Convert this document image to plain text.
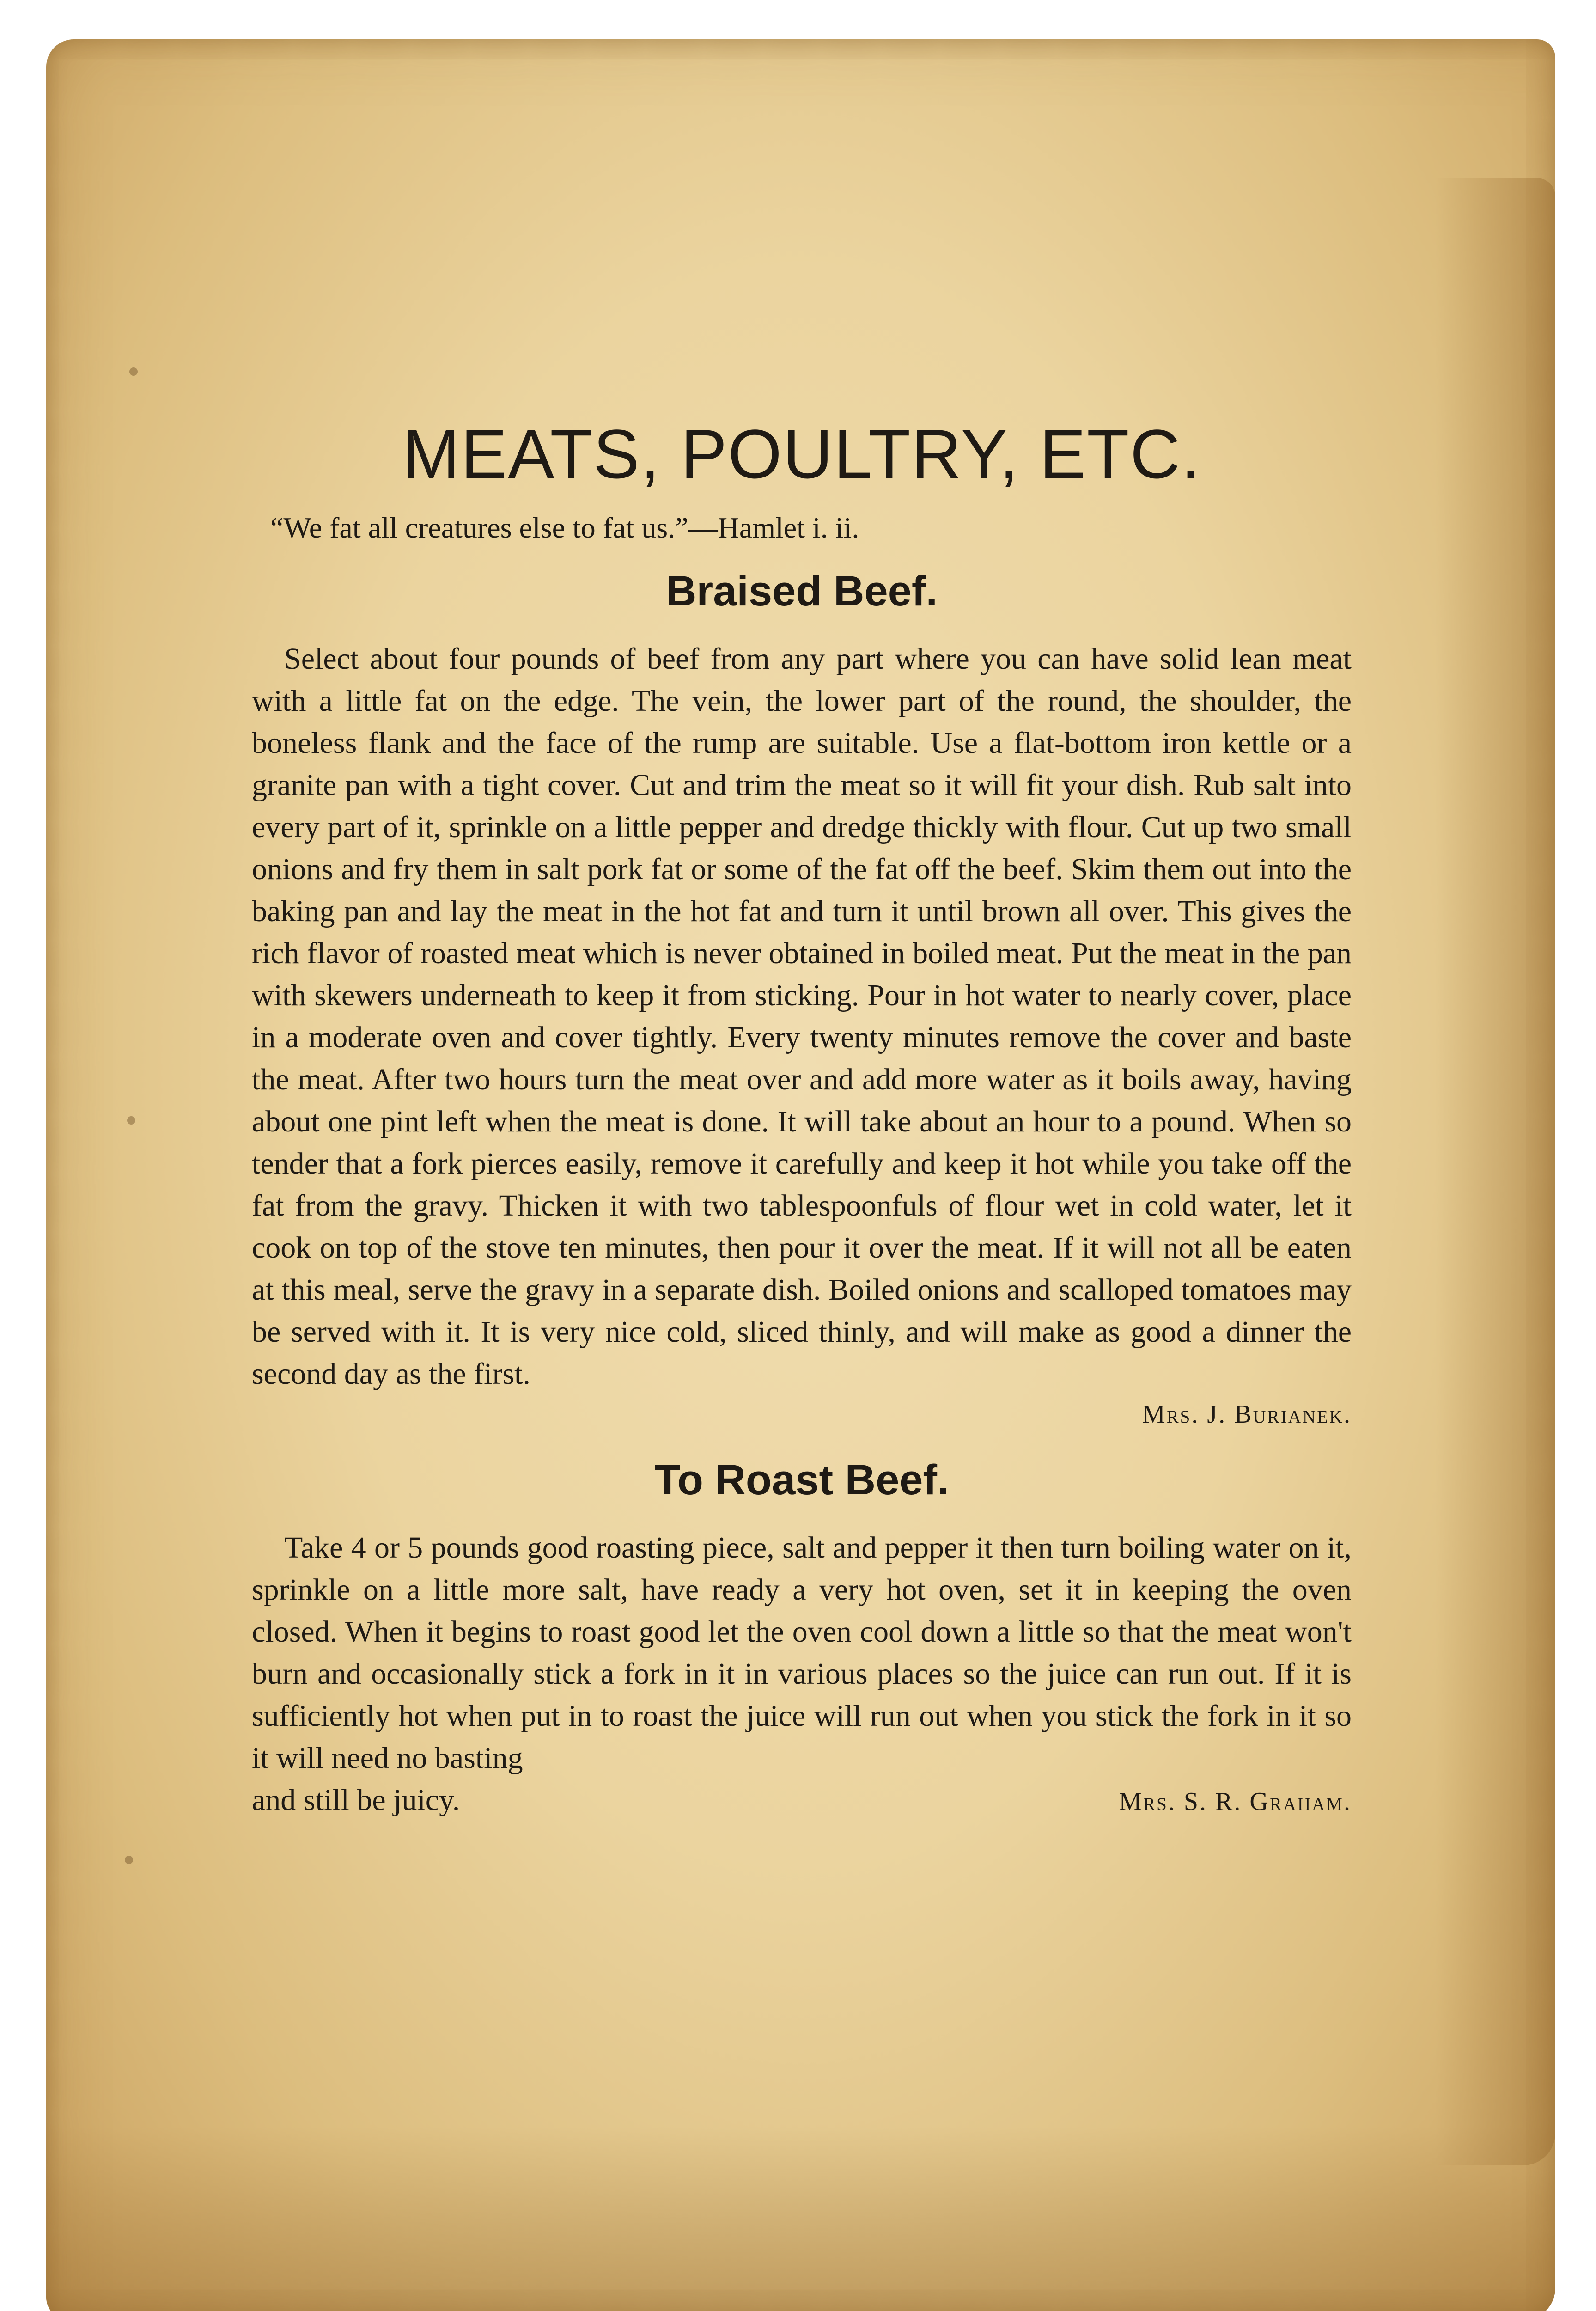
MEATS, POULTRY, ETC.

“We fat all creatures else to fat us.”—Hamlet i. ii.

Braised Beef.

Select about four pounds of beef from any part where you can have solid lean meat with a little fat on the edge. The vein, the lower part of the round, the shoulder, the boneless flank and the face of the rump are suitable. Use a flat-bottom iron kettle or a granite pan with a tight cover. Cut and trim the meat so it will fit your dish. Rub salt into every part of it, sprinkle on a little pepper and dredge thickly with flour. Cut up two small onions and fry them in salt pork fat or some of the fat off the beef. Skim them out into the baking pan and lay the meat in the hot fat and turn it until brown all over. This gives the rich flavor of roasted meat which is never obtained in boiled meat. Put the meat in the pan with skewers underneath to keep it from sticking. Pour in hot water to nearly cover, place in a moderate oven and cover tightly. Every twenty minutes remove the cover and baste the meat. After two hours turn the meat over and add more water as it boils away, having about one pint left when the meat is done. It will take about an hour to a pound. When so tender that a fork pierces easily, remove it carefully and keep it hot while you take off the fat from the gravy. Thicken it with two tablespoonfuls of flour wet in cold water, let it cook on top of the stove ten minutes, then pour it over the meat. If it will not all be eaten at this meal, serve the gravy in a separate dish. Boiled onions and scalloped tomatoes may be served with it. It is very nice cold, sliced thinly, and will make as good a dinner the second day as the first.

Mrs. J. Burianek.
To Roast Beef.

Take 4 or 5 pounds good roasting piece, salt and pepper it then turn boiling water on it, sprinkle on a little more salt, have ready a very hot oven, set it in keeping the oven closed. When it begins to roast good let the oven cool down a little so that the meat won't burn and occasionally stick a fork in it in various places so the juice can run out. If it is sufficiently hot when put in to roast the juice will run out when you stick the fork in it so it will need no basting

and still be juicy.	Mrs. S. R. Graham.
